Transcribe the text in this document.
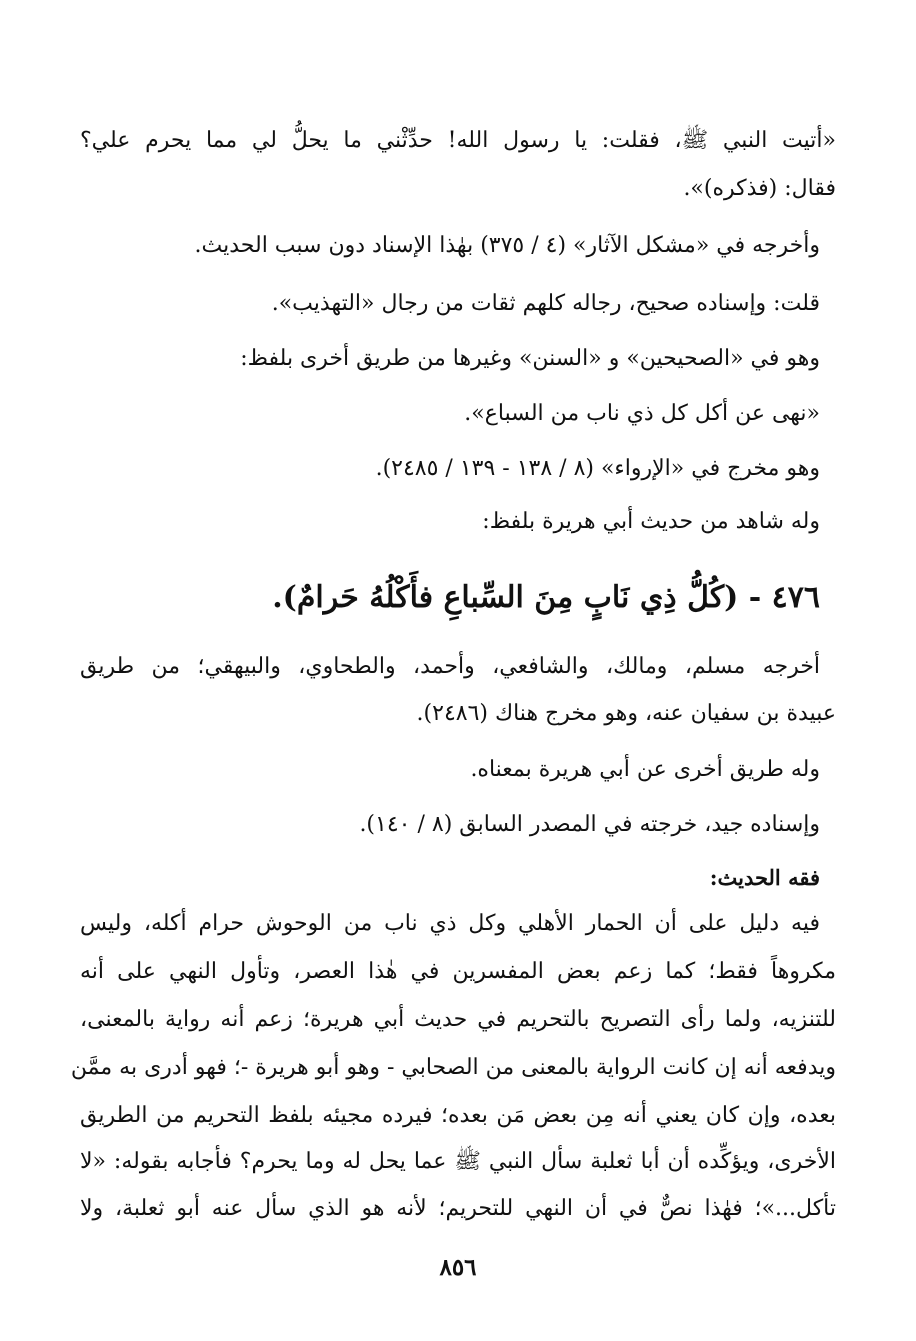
«أتيت النبي ﷺ، فقلت: يا رسول الله! حدِّثْني ما يحلُّ لي مما يحرم علي؟
فقال: (فذكره)».
وأخرجه في «مشكل الآثار» (٤ / ٣٧٥) بهٰذا الإسناد دون سبب الحديث.
قلت: وإسناده صحيح، رجاله كلهم ثقات من رجال «التهذيب».
وهو في «الصحيحين» و «السنن» وغيرها من طريق أخرى بلفظ:
«نهى عن أكل كل ذي ناب من السباع».
وهو مخرج في «الإرواء» (٨ / ١٣٨ - ١٣٩ / ٢٤٨٥).
وله شاهد من حديث أبي هريرة بلفظ:
٤٧٦ - (كُلُّ ذِي نَابٍ مِنَ السِّباعِ فأَكْلُهُ حَرامٌ).
أخرجه مسلم، ومالك، والشافعي، وأحمد، والطحاوي، والبيهقي؛ من طريق
عبيدة بن سفيان عنه، وهو مخرج هناك (٢٤٨٦).
وله طريق أخرى عن أبي هريرة بمعناه.
وإسناده جيد، خرجته في المصدر السابق (٨ / ١٤٠).
فقه الحديث:
فيه دليل على أن الحمار الأهلي وكل ذي ناب من الوحوش حرام أكله، وليس
مكروهاً فقط؛ كما زعم بعض المفسرين في هٰذا العصر، وتأول النهي على أنه
للتنزيه، ولما رأى التصريح بالتحريم في حديث أبي هريرة؛ زعم أنه رواية بالمعنى،
ويدفعه أنه إن كانت الرواية بالمعنى من الصحابي - وهو أبو هريرة -؛ فهو أدرى به ممَّن
بعده، وإن كان يعني أنه مِن بعض مَن بعده؛ فيرده مجيئه بلفظ التحريم من الطريق
الأخرى، ويؤكِّده أن أبا ثعلبة سأل النبي ﷺ عما يحل له وما يحرم؟ فأجابه بقوله: «لا
تأكل...»؛ فهٰذا نصٌّ في أن النهي للتحريم؛ لأنه هو الذي سأل عنه أبو ثعلبة، ولا
٨٥٦
